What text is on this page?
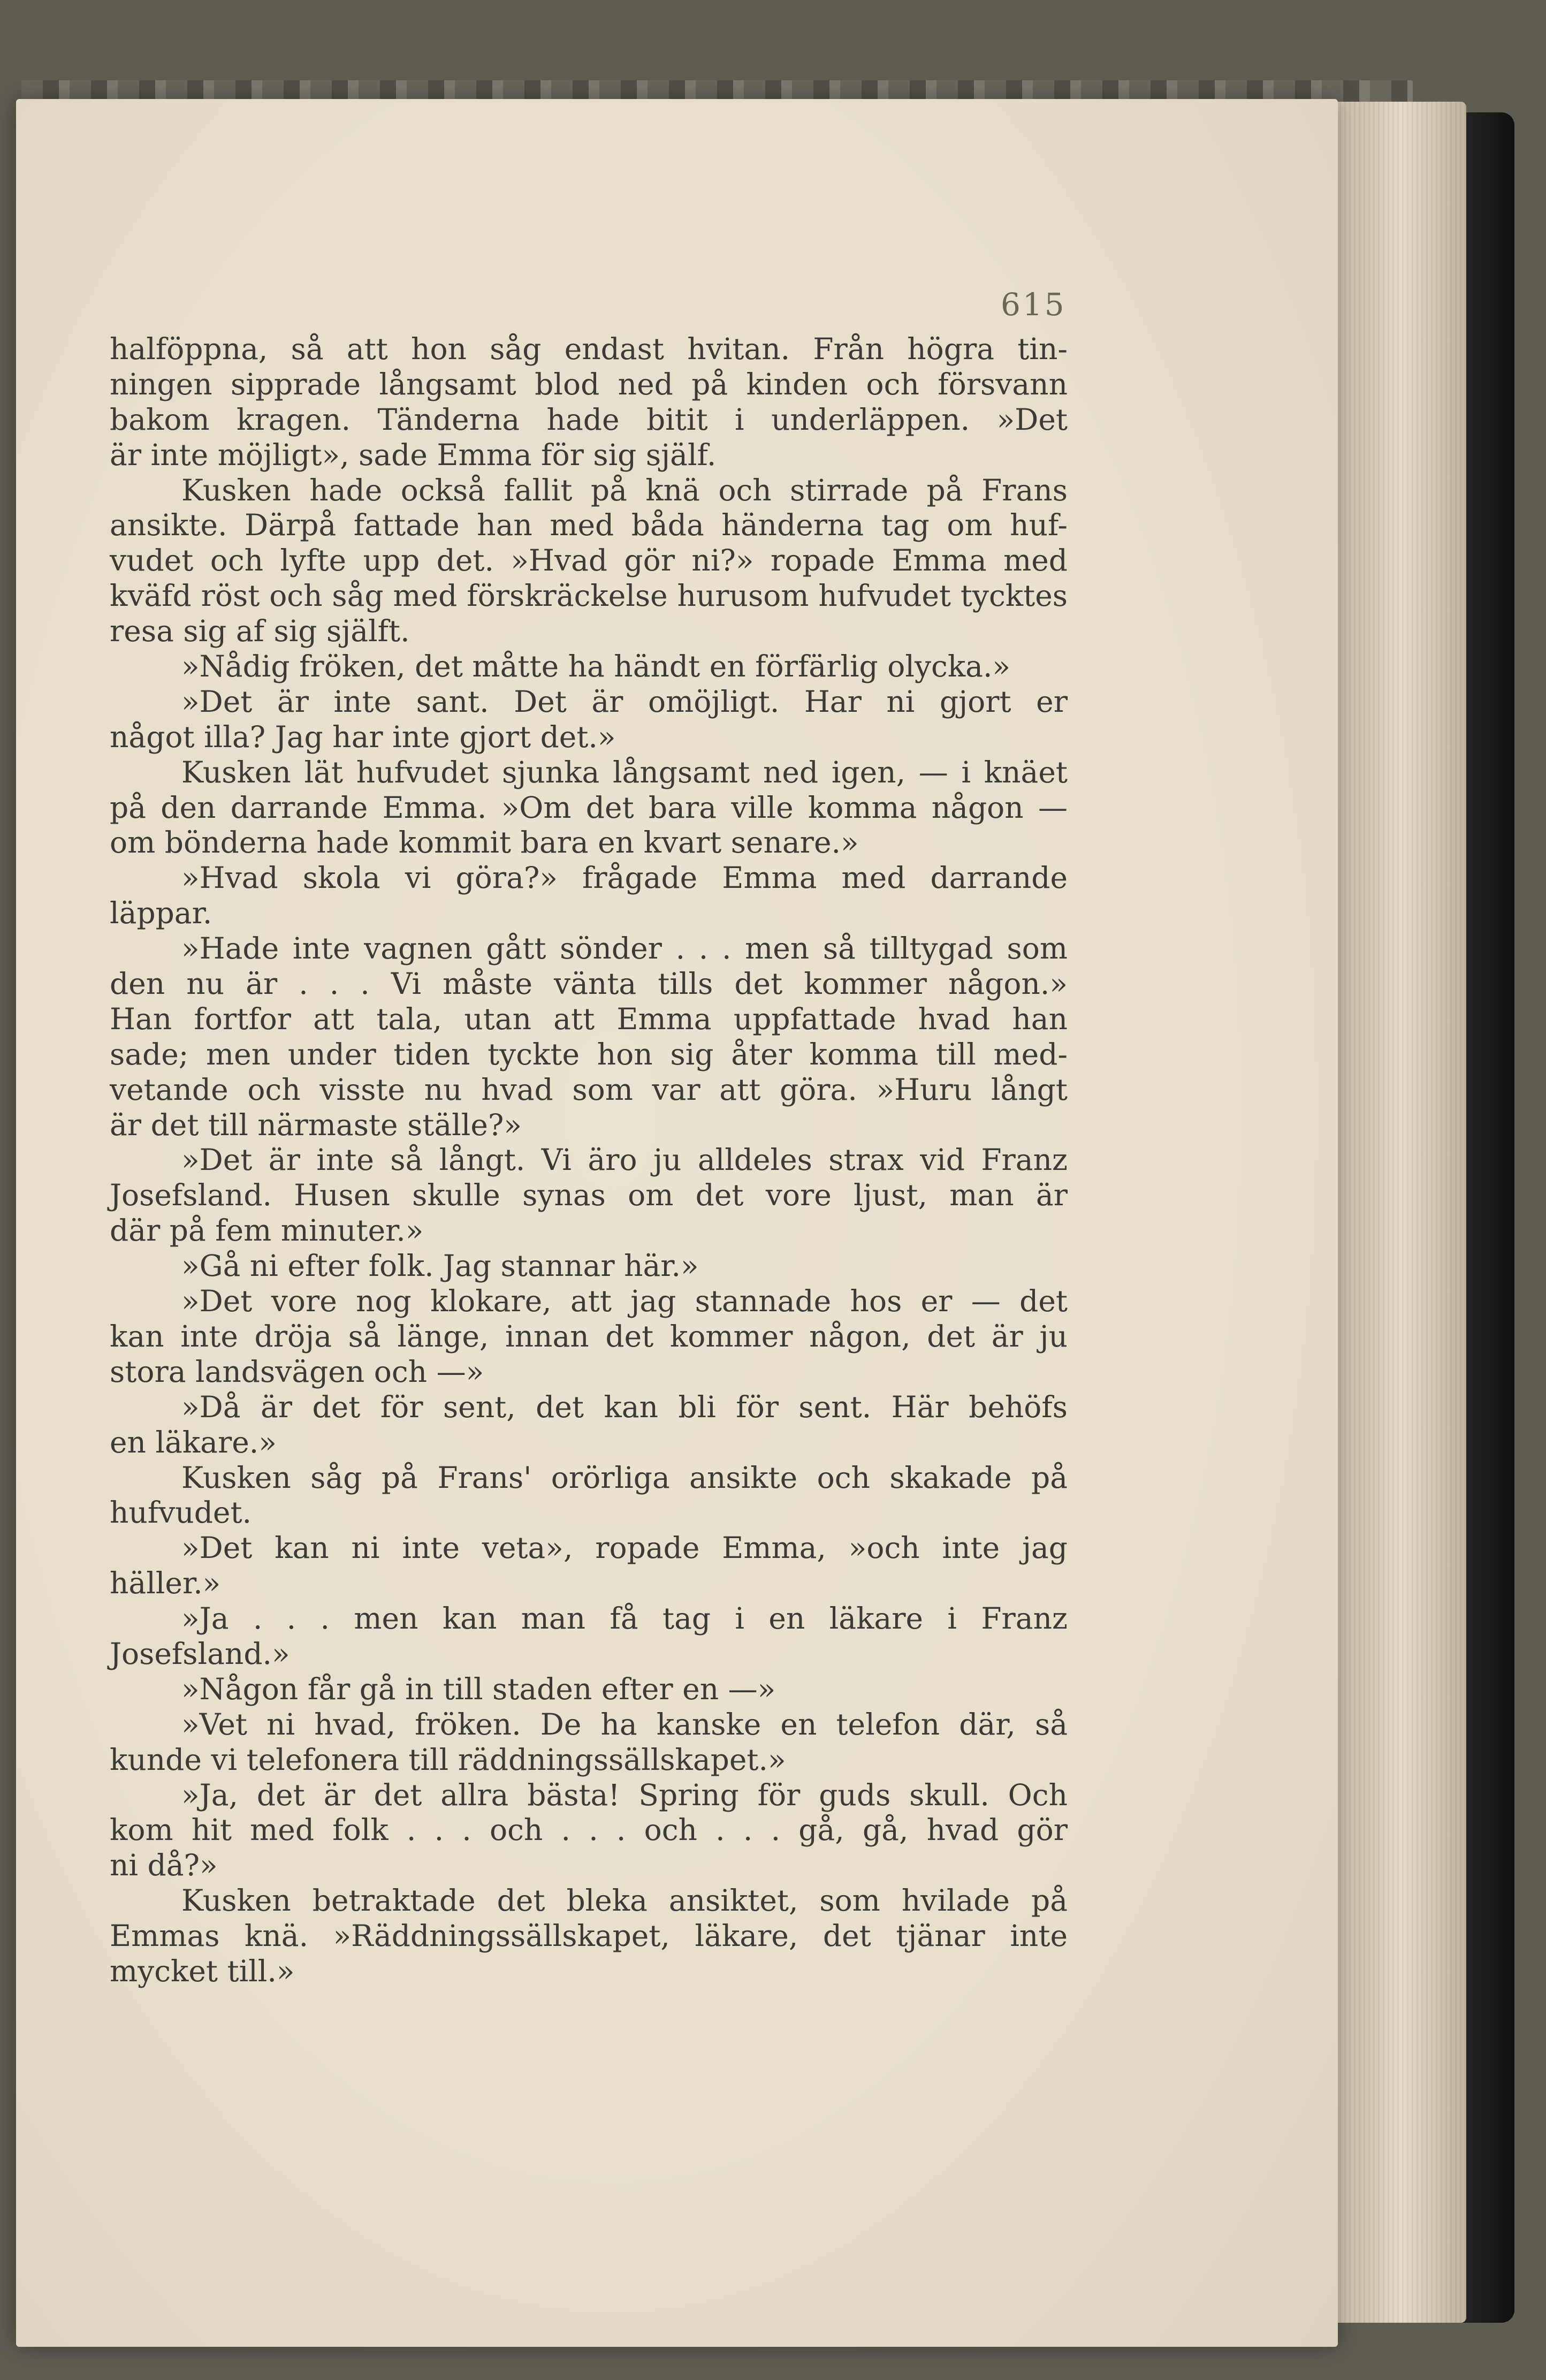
615
halföppna, så att hon såg endast hvitan. Från högra tin-
ningen sipprade långsamt blod ned på kinden och försvann
bakom kragen. Tänderna hade bitit i underläppen. »Det
är inte möjligt», sade Emma för sig själf.
Kusken hade också fallit på knä och stirrade på Frans
ansikte. Därpå fattade han med båda händerna tag om huf-
vudet och lyfte upp det. »Hvad gör ni?» ropade Emma med
kväfd röst och såg med förskräckelse hurusom hufvudet tycktes
resa sig af sig själft.
»Nådig fröken, det måtte ha händt en förfärlig olycka.»
»Det är inte sant. Det är omöjligt. Har ni gjort er
något illa? Jag har inte gjort det.»
Kusken lät hufvudet sjunka långsamt ned igen, — i knäet
på den darrande Emma. »Om det bara ville komma någon —
om bönderna hade kommit bara en kvart senare.»
»Hvad skola vi göra?» frågade Emma med darrande
läppar.
»Hade inte vagnen gått sönder . . . men så tilltygad som
den nu är . . . Vi måste vänta tills det kommer någon.»
Han fortfor att tala, utan att Emma uppfattade hvad han
sade; men under tiden tyckte hon sig åter komma till med-
vetande och visste nu hvad som var att göra. »Huru långt
är det till närmaste ställe?»
»Det är inte så långt. Vi äro ju alldeles strax vid Franz
Josefsland. Husen skulle synas om det vore ljust, man är
där på fem minuter.»
»Gå ni efter folk. Jag stannar här.»
»Det vore nog klokare, att jag stannade hos er — det
kan inte dröja så länge, innan det kommer någon, det är ju
stora landsvägen och —»
»Då är det för sent, det kan bli för sent. Här behöfs
en läkare.»
Kusken såg på Frans' orörliga ansikte och skakade på
hufvudet.
»Det kan ni inte veta», ropade Emma, »och inte jag
häller.»
»Ja . . . men kan man få tag i en läkare i Franz
Josefsland.»
»Någon får gå in till staden efter en —»
»Vet ni hvad, fröken. De ha kanske en telefon där, så
kunde vi telefonera till räddningssällskapet.»
»Ja, det är det allra bästa! Spring för guds skull. Och
kom hit med folk . . . och . . . och . . . gå, gå, hvad gör
ni då?»
Kusken betraktade det bleka ansiktet, som hvilade på
Emmas knä. »Räddningssällskapet, läkare, det tjänar inte
mycket till.»
